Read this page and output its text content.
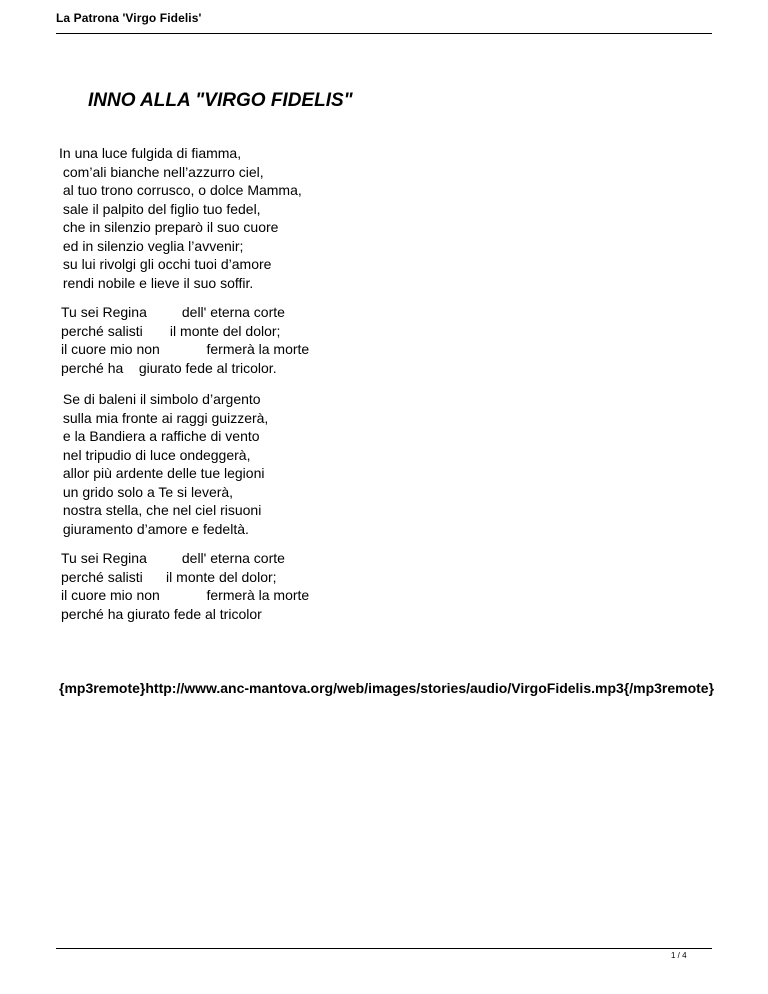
La Patrona 'Virgo Fidelis'
INNO ALLA "VIRGO FIDELIS"
In una luce fulgida di fiamma,
com’ali bianche nell’azzurro ciel,
al tuo trono corrusco, o dolce Mamma,
sale il palpito del figlio tuo fedel,
che in silenzio preparò il suo cuore
ed in silenzio veglia l’avvenir;
su lui rivolgi gli occhi tuoi d’amore
rendi nobile e lieve il suo soffir.
Tu sei Regina dell' eterna corte
perché salisti il monte del dolor;
il cuore mio non fermerà la morte
perché ha giurato fede al tricolor.
Se di baleni il simbolo d’argento
sulla mia fronte ai raggi guizzerà,
e la Bandiera a raffiche di vento
nel tripudio di luce ondeggerà,
allor più ardente delle tue legioni
un grido solo a Te si leverà,
nostra stella, che nel ciel risuoni
giuramento d’amore e fedeltà.
Tu sei Regina dell' eterna corte
perché salisti il monte del dolor;
il cuore mio non fermerà la morte
perché ha giurato fede al tricolor
{mp3remote}http://www.anc-mantova.org/web/images/stories/audio/VirgoFidelis.mp3{/mp3remote}
1 / 4
